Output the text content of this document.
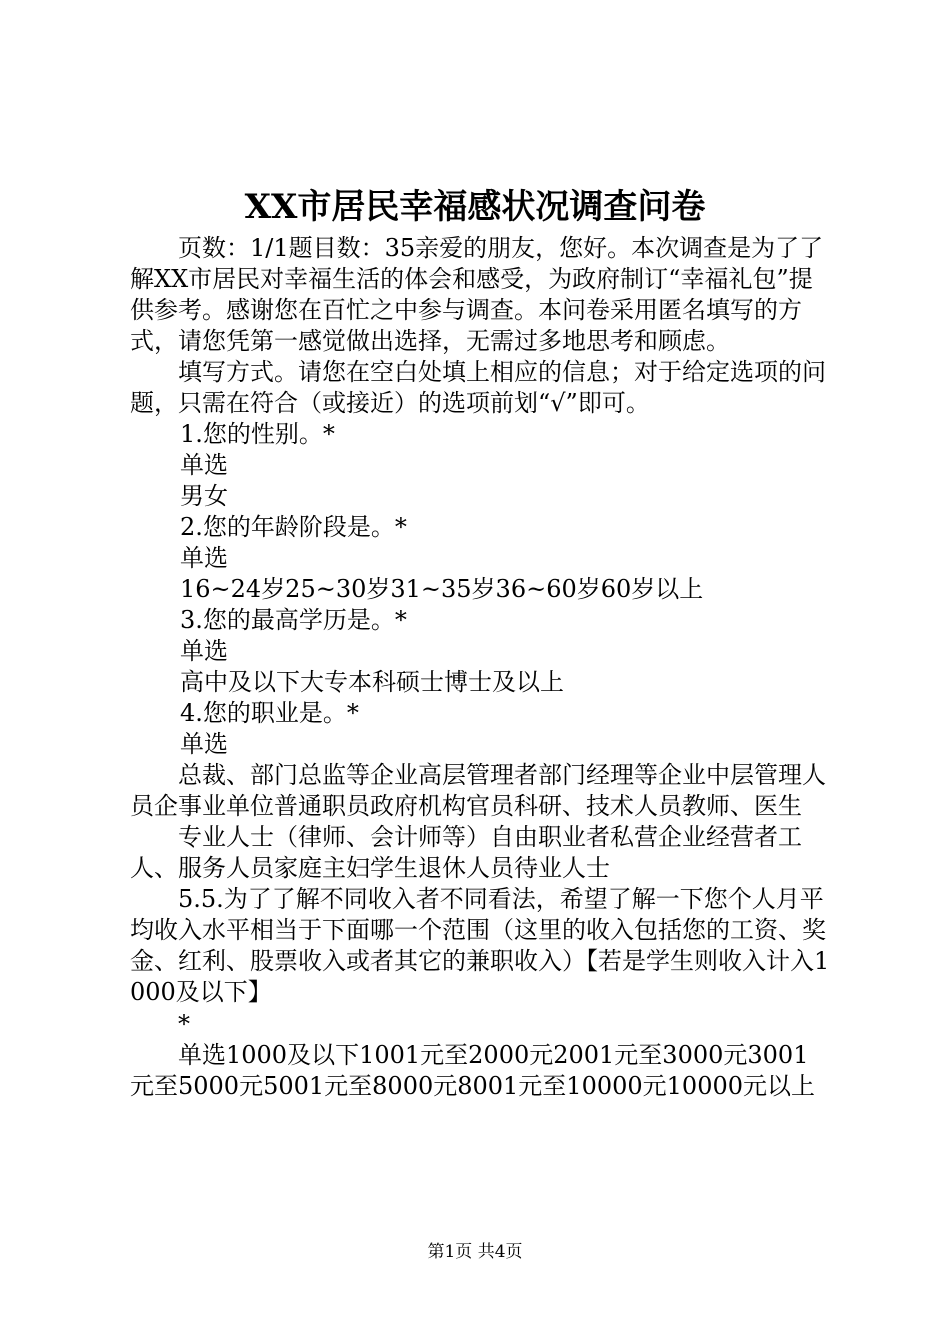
XX市居民幸福感状况调查问卷

页数：1/1题目数：35亲爱的朋友，您好。本次调查是为了了解XX市居民对幸福生活的体会和感受，为政府制订“幸福礼包”提供参考。感谢您在百忙之中参与调查。本问卷采用匿名填写的方式，请您凭第一感觉做出选择，无需过多地思考和顾虑。

填写方式。请您在空白处填上相应的信息；对于给定选项的问题，只需在符合（或接近）的选项前划“√”即可。

1.您的性别。*

单选

男女

2.您的年龄阶段是。*

单选

16~24岁25~30岁31~35岁36~60岁60岁以上

3.您的最高学历是。*

单选

高中及以下大专本科硕士博士及以上

4.您的职业是。*

单选

总裁、部门总监等企业高层管理者部门经理等企业中层管理人员企事业单位普通职员政府机构官员科研、技术人员教师、医生

专业人士（律师、会计师等）自由职业者私营企业经营者工人、服务人员家庭主妇学生退休人员待业人士

5.5.为了了解不同收入者不同看法，希望了解一下您个人月平均收入水平相当于下面哪一个范围（这里的收入包括您的工资、奖金、红利、股票收入或者其它的兼职收入）【若是学生则收入计入1000及以下】

*

单选1000及以下1001元至2000元2001元至3000元3001元至5000元5001元至8000元8001元至10000元10000元以上

第1页 共4页
